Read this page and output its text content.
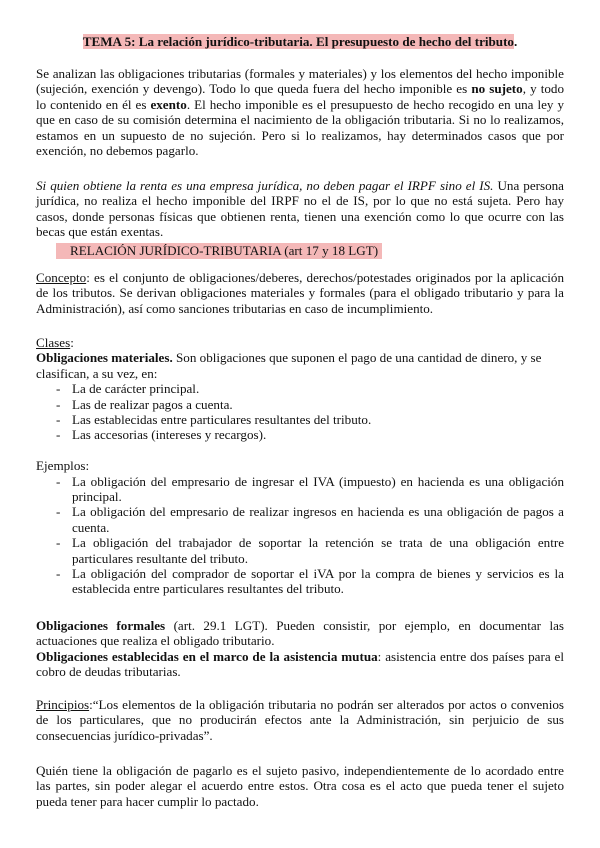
TEMA 5: La relación jurídico-tributaria. El presupuesto de hecho del tributo.

Se analizan las obligaciones tributarias (formales y materiales) y los elementos del hecho imponible (sujeción, exención y devengo). Todo lo que queda fuera del hecho imponible es no sujeto, y todo lo contenido en él es exento. El hecho imponible es el presupuesto de hecho recogido en una ley y que en caso de su comisión determina el nacimiento de la obligación tributaria. Si no lo realizamos, estamos en un supuesto de no sujeción. Pero si lo realizamos, hay determinados casos que por exención, no debemos pagarlo.

Si quien obtiene la renta es una empresa jurídica, no deben pagar el IRPF sino el IS. Una persona jurídica, no realiza el hecho imponible del IRPF no el de IS, por lo que no está sujeta. Pero hay casos, donde personas físicas que obtienen renta, tienen una exención como lo que ocurre con las becas que están exentas.

RELACIÓN JURÍDICO-TRIBUTARIA (art 17 y 18 LGT)

Concepto: es el conjunto de obligaciones/deberes, derechos/potestades originados por la aplicación de los tributos. Se derivan obligaciones materiales y formales (para el obligado tributario y para la Administración), así como sanciones tributarias en caso de incumplimiento.

Clases:
Obligaciones materiales. Son obligaciones que suponen el pago de una cantidad de dinero, y se clasifican, a su vez, en:
- La de carácter principal.
- Las de realizar pagos a cuenta.
- Las establecidas entre particulares resultantes del tributo.
- Las accesorias (intereses y recargos).
Ejemplos:
- La obligación del empresario de ingresar el IVA (impuesto) en hacienda es una obligación principal.
- La obligación del empresario de realizar ingresos en hacienda es una obligación de pagos a cuenta.
- La obligación del trabajador de soportar la retención se trata de una obligación entre particulares resultante del tributo.
- La obligación del comprador de soportar el iVA por la compra de bienes y servicios es la establecida entre particulares resultantes del tributo.
Obligaciones formales (art. 29.1 LGT). Pueden consistir, por ejemplo, en documentar las actuaciones que realiza el obligado tributario.
Obligaciones establecidas en el marco de la asistencia mutua: asistencia entre dos países para el cobro de deudas tributarias.

Principios:“Los elementos de la obligación tributaria no podrán ser alterados por actos o convenios de los particulares, que no producirán efectos ante la Administración, sin perjuicio de sus consecuencias jurídico-privadas”.

Quién tiene la obligación de pagarlo es el sujeto pasivo, independientemente de lo acordado entre las partes, sin poder alegar el acuerdo entre estos. Otra cosa es el acto que pueda tener el sujeto pueda tener para hacer cumplir lo pactado.
